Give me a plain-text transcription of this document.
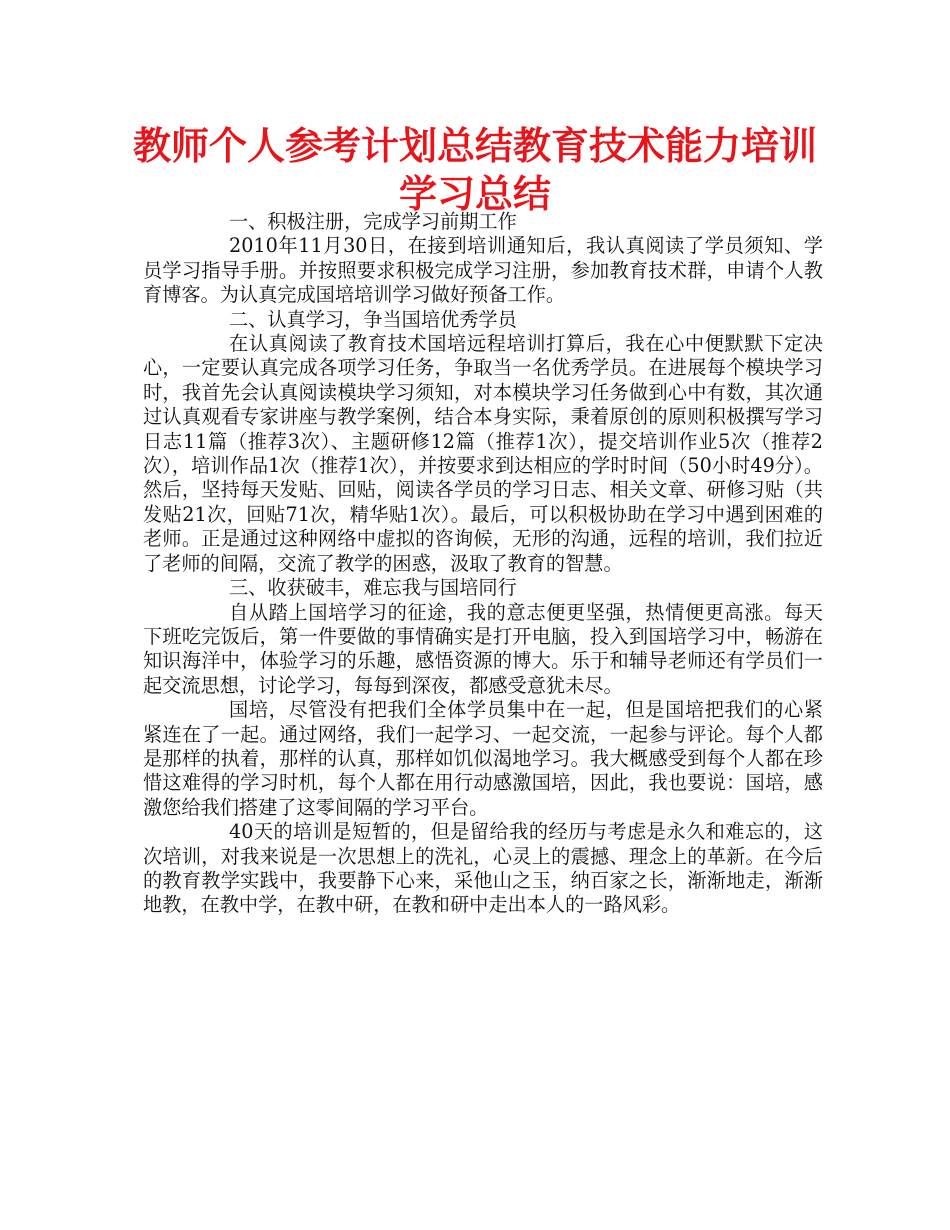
教师个人参考计划总结教育技术能力培训学习总结

一、积极注册，完成学习前期工作

2010年11月30日，在接到培训通知后，我认真阅读了学员须知、学员学习指导手册。并按照要求积极完成学习注册，参加教育技术群，申请个人教育博客。为认真完成国培培训学习做好预备工作。

二、认真学习，争当国培优秀学员

在认真阅读了教育技术国培远程培训打算后，我在心中便默默下定决心，一定要认真完成各项学习任务，争取当一名优秀学员。在进展每个模块学习时，我首先会认真阅读模块学习须知，对本模块学习任务做到心中有数，其次通过认真观看专家讲座与教学案例，结合本身实际，秉着原创的原则积极撰写学习日志11篇（推荐3次）、主题研修12篇（推荐1次），提交培训作业5次（推荐2次），培训作品1次（推荐1次），并按要求到达相应的学时时间（50小时49分）。然后，坚持每天发贴、回贴，阅读各学员的学习日志、相关文章、研修习贴（共发贴21次，回贴71次，精华贴1次）。最后，可以积极协助在学习中遇到困难的老师。正是通过这种网络中虚拟的咨询候，无形的沟通，远程的培训，我们拉近了老师的间隔，交流了教学的困惑，汲取了教育的智慧。

三、收获破丰，难忘我与国培同行

自从踏上国培学习的征途，我的意志便更坚强，热情便更高涨。每天下班吃完饭后，第一件要做的事情确实是打开电脑，投入到国培学习中，畅游在知识海洋中，体验学习的乐趣，感悟资源的博大。乐于和辅导老师还有学员们一起交流思想，讨论学习，每每到深夜，都感受意犹未尽。

国培，尽管没有把我们全体学员集中在一起，但是国培把我们的心紧紧连在了一起。通过网络，我们一起学习、一起交流，一起参与评论。每个人都是那样的执着，那样的认真，那样如饥似渴地学习。我大概感受到每个人都在珍惜这难得的学习时机，每个人都在用行动感激国培，因此，我也要说：国培，感激您给我们搭建了这零间隔的学习平台。

40天的培训是短暂的，但是留给我的经历与考虑是永久和难忘的，这次培训，对我来说是一次思想上的洗礼，心灵上的震撼、理念上的革新。在今后的教育教学实践中，我要静下心来，采他山之玉，纳百家之长，渐渐地走，渐渐地教，在教中学，在教中研，在教和研中走出本人的一路风彩。
